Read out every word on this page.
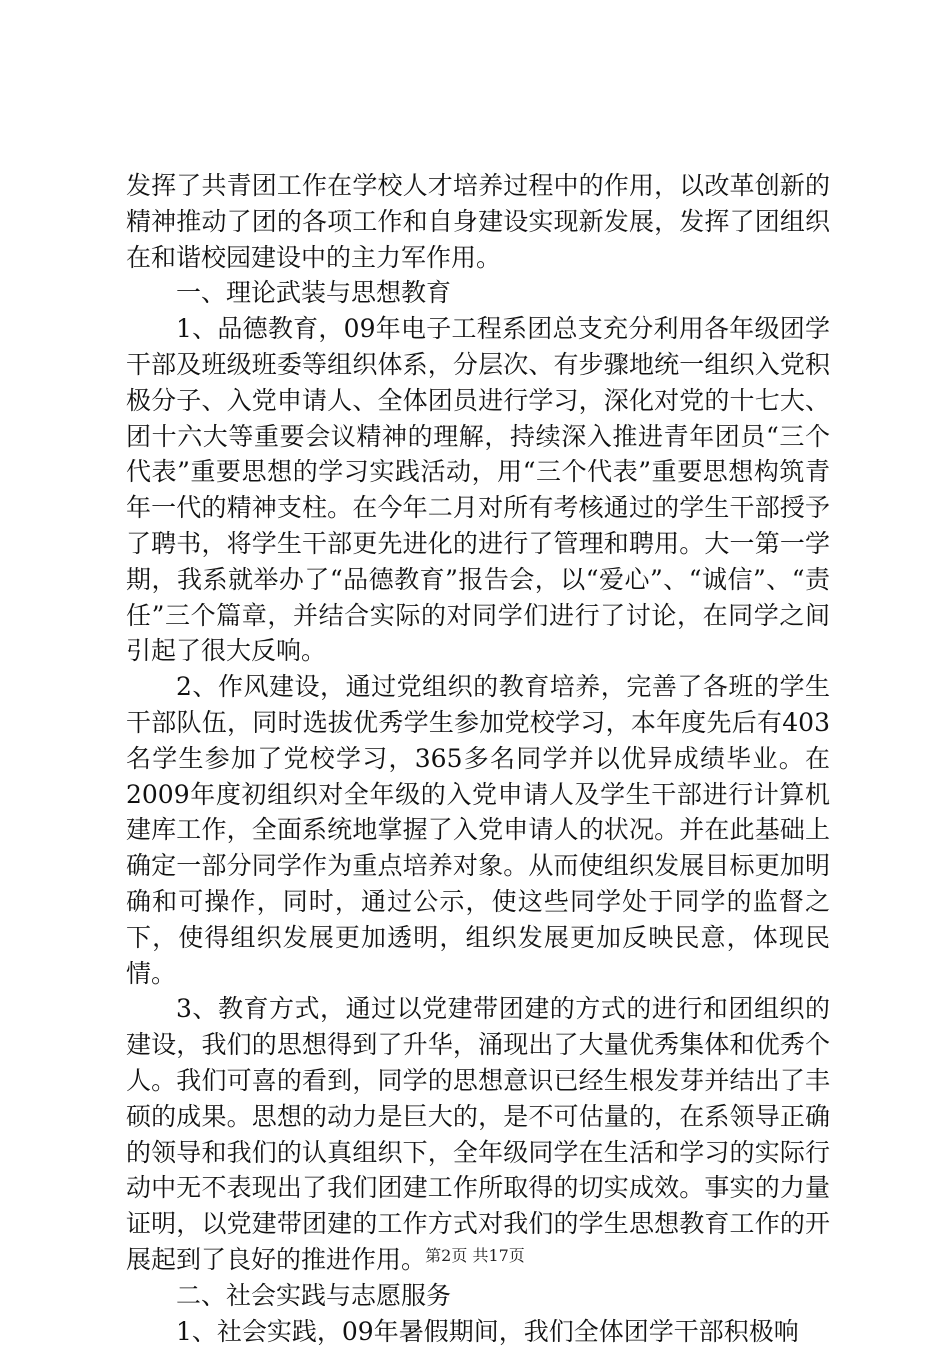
发挥了共青团工作在学校人才培养过程中的作用，以改革创新的精神推动了团的各项工作和自身建设实现新发展，发挥了团组织在和谐校园建设中的主力军作用。

一、理论武装与思想教育

1、品德教育，09年电子工程系团总支充分利用各年级团学干部及班级班委等组织体系，分层次、有步骤地统一组织入党积极分子、入党申请人、全体团员进行学习，深化对党的十七大、团十六大等重要会议精神的理解，持续深入推进青年团员“三个代表”重要思想的学习实践活动，用“三个代表”重要思想构筑青年一代的精神支柱。在今年二月对所有考核通过的学生干部授予了聘书，将学生干部更先进化的进行了管理和聘用。大一第一学期，我系就举办了“品德教育”报告会，以“爱心”、“诚信”、“责任”三个篇章，并结合实际的对同学们进行了讨论，在同学之间引起了很大反响。

2、作风建设，通过党组织的教育培养，完善了各班的学生干部队伍，同时选拔优秀学生参加党校学习，本年度先后有403名学生参加了党校学习，365多名同学并以优异成绩毕业。在2009年度初组织对全年级的入党申请人及学生干部进行计算机建库工作，全面系统地掌握了入党申请人的状况。并在此基础上确定一部分同学作为重点培养对象。从而使组织发展目标更加明确和可操作，同时，通过公示，使这些同学处于同学的监督之下，使得组织发展更加透明，组织发展更加反映民意，体现民情。

3、教育方式，通过以党建带团建的方式的进行和团组织的建设，我们的思想得到了升华，涌现出了大量优秀集体和优秀个人。我们可喜的看到，同学的思想意识已经生根发芽并结出了丰硕的成果。思想的动力是巨大的，是不可估量的，在系领导正确的领导和我们的认真组织下，全年级同学在生活和学习的实际行动中无不表现出了我们团建工作所取得的切实成效。事实的力量证明，以党建带团建的工作方式对我们的学生思想教育工作的开展起到了良好的推进作用。

二、社会实践与志愿服务

1、社会实践，09年暑假期间，我们全体团学干部积极响

第2页 共17页
